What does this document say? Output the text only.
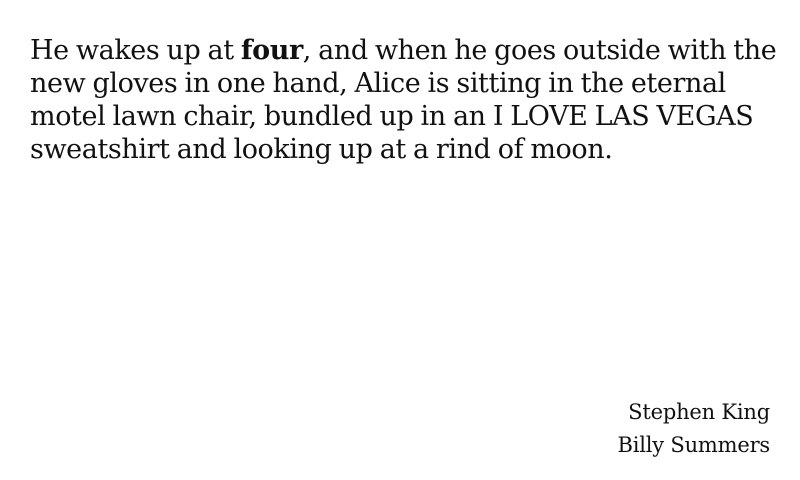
He wakes up at four, and when he goes outside with the new gloves in one hand, Alice is sitting in the eternal motel lawn chair, bundled up in an I LOVE LAS VEGAS sweatshirt and looking up at a rind of moon.

Stephen King
Billy Summers
